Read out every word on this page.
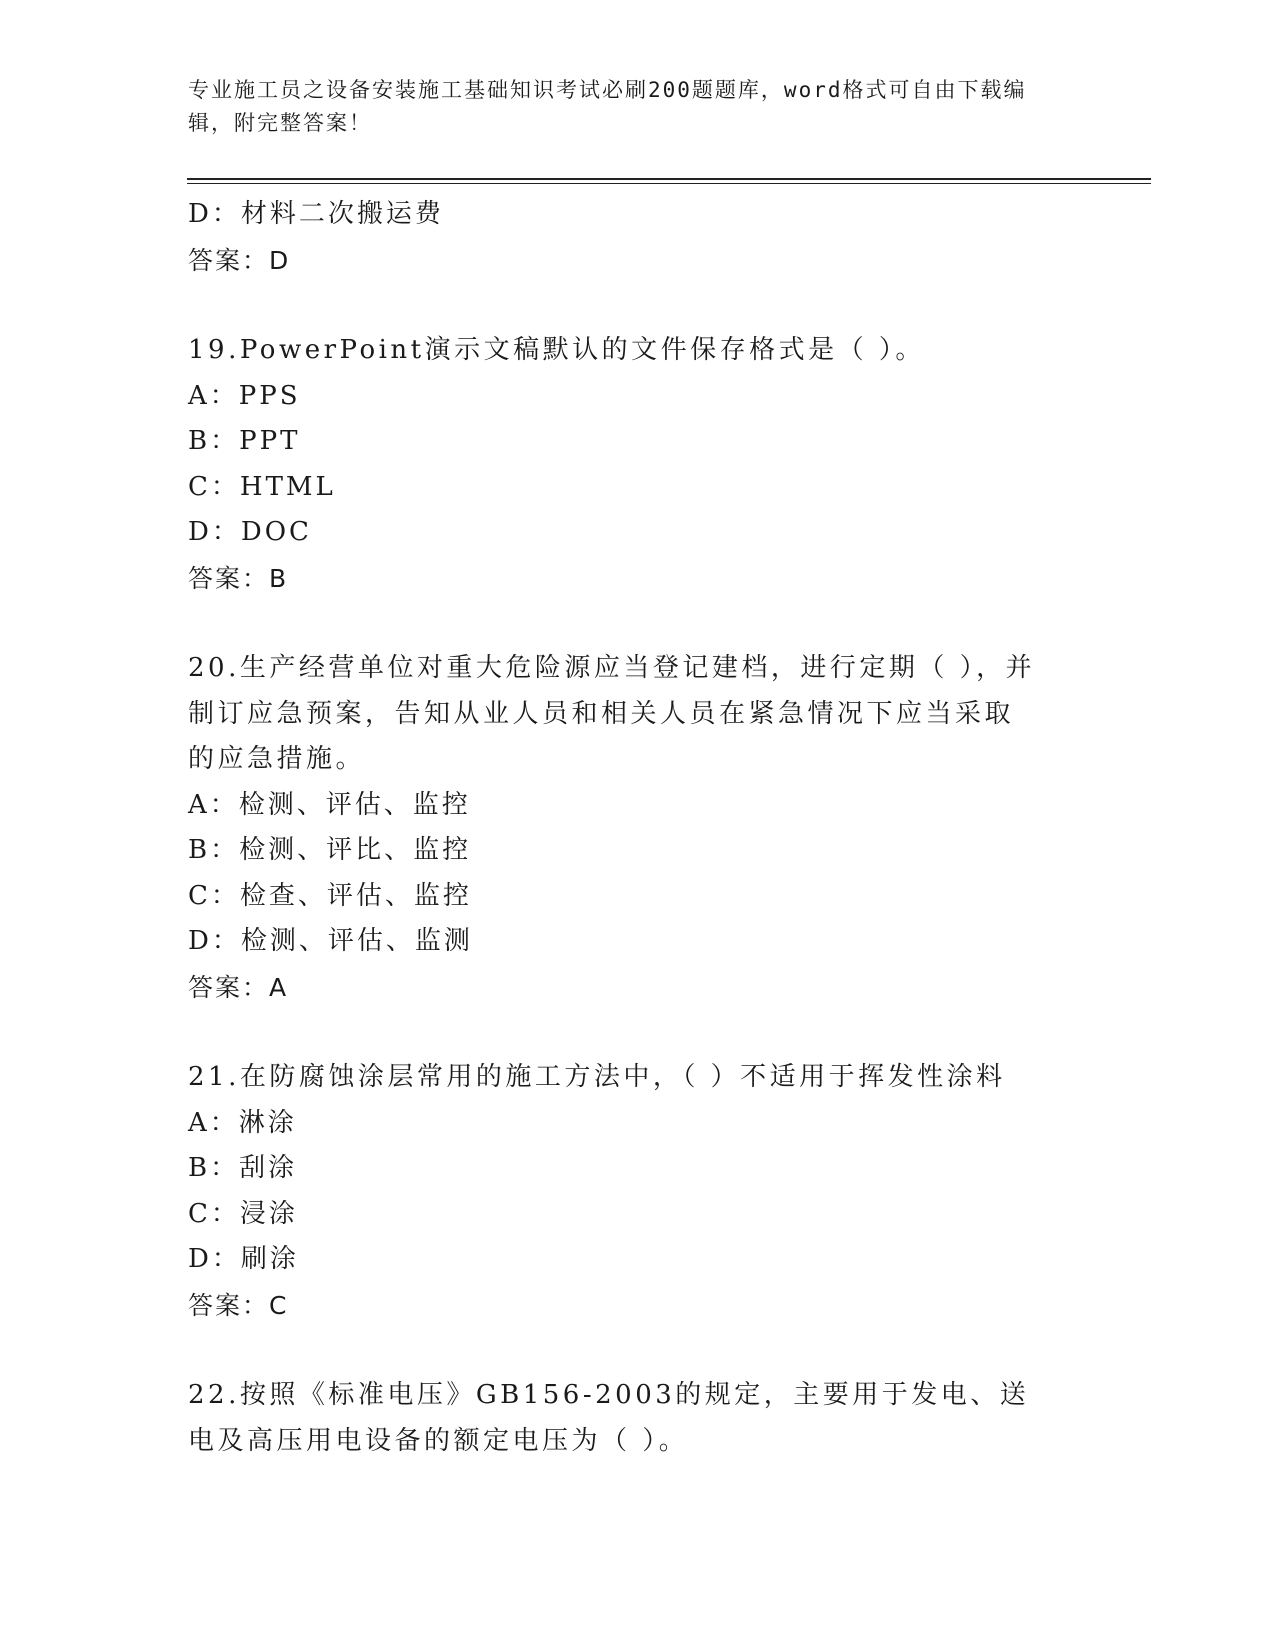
专业施工员之设备安装施工基础知识考试必刷200题题库，word格式可自由下载编辑，附完整答案！
D：材料二次搬运费
答案：D
19.PowerPoint演示文稿默认的文件保存格式是（ ）。
A：PPS
B：PPT
C：HTML
D：DOC
答案：B
20.生产经营单位对重大危险源应当登记建档，进行定期（ ），并制订应急预案，告知从业人员和相关人员在紧急情况下应当采取的应急措施。
A：检测、评估、监控
B：检测、评比、监控
C：检查、评估、监控
D：检测、评估、监测
答案：A
21.在防腐蚀涂层常用的施工方法中，（ ）不适用于挥发性涂料
A：淋涂
B：刮涂
C：浸涂
D：刷涂
答案：C
22.按照《标准电压》GB156-2003的规定，主要用于发电、送电及高压用电设备的额定电压为（ ）。
